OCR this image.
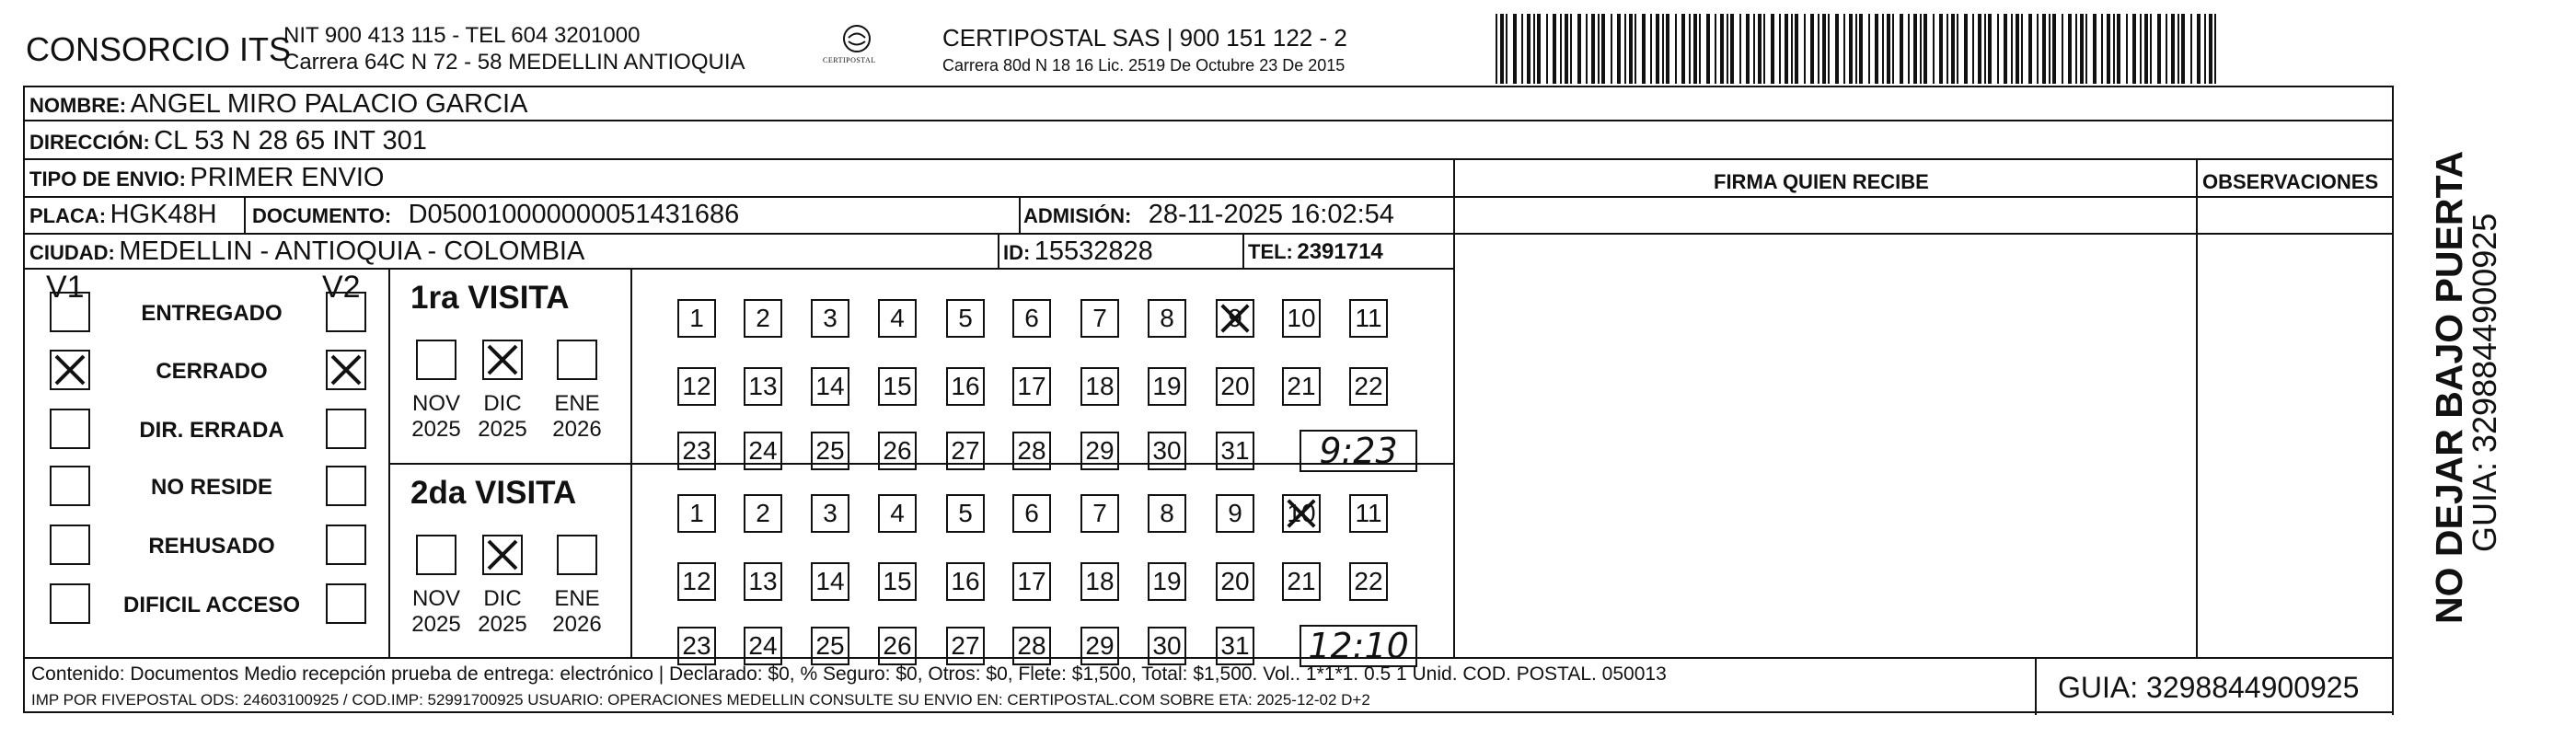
CONSORCIO ITS
NIT 900 413 115 - TEL 604 3201000
Carrera 64C N 72 - 58 MEDELLIN ANTIOQUIA	CERTIPOSTAL
CERTIPOSTAL SAS | 900 151 122 - 2
Carrera 80d N 18 16 Lic. 2519 De Octubre 23 De 2015
NOMBRE: ANGEL MIRO PALACIO GARCIA
DIRECCIÓN: CL 53 N 28 65 INT 301
TIPO DE ENVIO: PRIMER ENVIO	FIRMA QUIEN RECIBE	OBSERVACIONES
PLACA: HGK48H DOCUMENTO: D050010000000051431686	ADMISIÓN: 28-11-2025 16:02:54
CIUDAD: MEDELLIN - ANTIOQUIA - COLOMBIA	ID: 15532828	TEL: 2391714
V1	V2
ENTREGADO
CERRADO
DIR. ERRADA
NO RESIDE
REHUSADO
DIFICIL ACCESO
1ra VISITA
NOV
2025
DIC
2025
ENE
2026
1 2 3 4 5 6 7 8 9 10 11
12 13 14 15 16 17 18 19 20 21 22
23 24 25 26 27 28 29 30 31	9:23
2da VISITA
NOV
2025
DIC
2025
ENE
2026
1 2 3 4 5 6 7 8 9 10 11
12 13 14 15 16 17 18 19 20 21 22
23 24 25 26 27 28 29 30 31 12:10
Contenido: Documentos Medio recepción prueba de entrega: electrónico | Declarado: $0, % Seguro: $0, Otros: $0, Flete: $1,500, Total: $1,500. Vol.. 1*1*1. 0.5 1 Unid. COD. POSTAL. 050013
IMP POR FIVEPOSTAL ODS: 24603100925 / COD.IMP: 52991700925 USUARIO: OPERACIONES MEDELLIN CONSULTE SU ENVIO EN: CERTIPOSTAL.COM SOBRE ETA: 2025-12-02 D+2	GUIA: 3298844900925
NO DEJAR BAJO PUERTA
GUIA: 3298844900925
